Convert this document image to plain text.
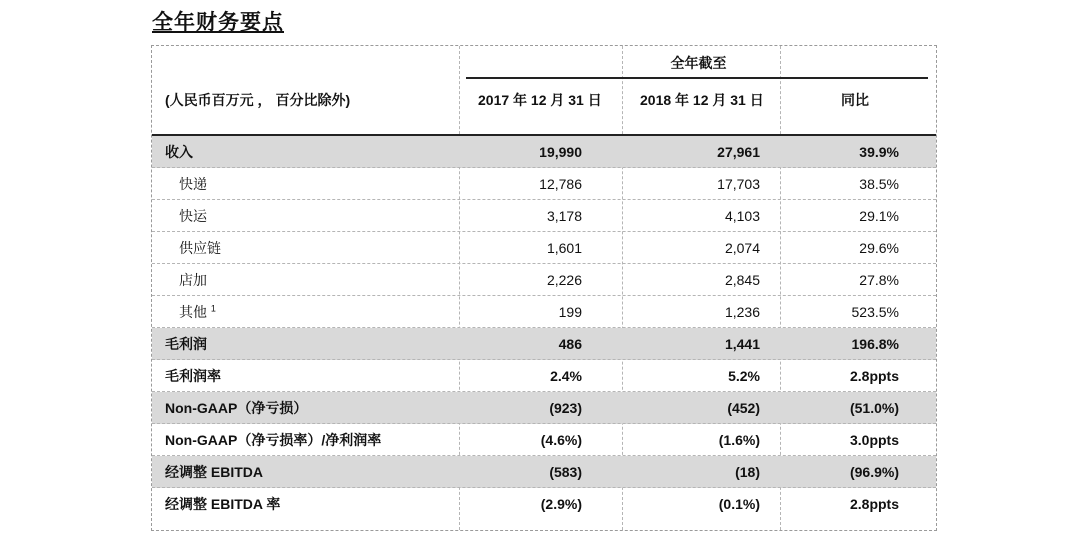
全年财务要点
全年截至
(人民币百万元 ， 百分比除外)	2017 年 12 月 31 日	2018 年 12 月 31 日	同比
收入	19,990	27,961	39.9%
快递	12,786	17,703	38.5%
快运	3,178	4,103	29.1%
供应链	1,601	2,074	29.6%
店加	2,226	2,845	27.8%
其他 $^1$	199	1,236	523.5%
毛利润	486	1,441	196.8%
毛利润率	2.4%	5.2%	2.8ppts
Non-GAAP（净亏损）	(923)	(452)	(51.0%)
Non-GAAP（净亏损率）/净利润率	(4.6%)	(1.6%)	3.0ppts
经调整 EBITDA	(583)	(18)	(96.9%)
经调整 EBITDA 率	(2.9%)	(0.1%)	2.8ppts
